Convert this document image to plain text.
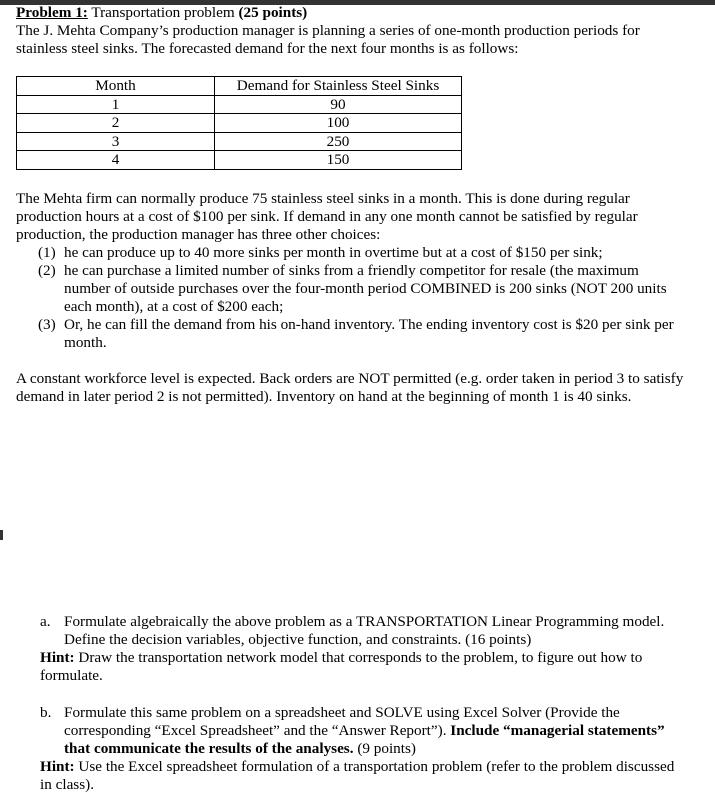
Problem 1: Transportation problem (25 points)

The J. Mehta Company’s production manager is planning a series of one-month production periods for stainless steel sinks. The forecasted demand for the next four months is as follows:

Month	Demand for Stainless Steel Sinks
1	90
2	100
3	250
4	150

The Mehta firm can normally produce 75 stainless steel sinks in a month. This is done during regular production hours at a cost of $100 per sink. If demand in any one month cannot be satisfied by regular production, the production manager has three other choices:

(1) he can produce up to 40 more sinks per month in overtime but at a cost of $150 per sink;
(2) he can purchase a limited number of sinks from a friendly competitor for resale (the maximum number of outside purchases over the four-month period COMBINED is 200 sinks (NOT 200 units each month), at a cost of $200 each;
(3) Or, he can fill the demand from his on-hand inventory. The ending inventory cost is $20 per sink per month.

A constant workforce level is expected. Back orders are NOT permitted (e.g. order taken in period 3 to satisfy demand in later period 2 is not permitted). Inventory on hand at the beginning of month 1 is 40 sinks.

a. Formulate algebraically the above problem as a TRANSPORTATION Linear Programming model. Define the decision variables, objective function, and constraints. (16 points)

Hint: Draw the transportation network model that corresponds to the problem, to figure out how to formulate.

b. Formulate this same problem on a spreadsheet and SOLVE using Excel Solver (Provide the corresponding “Excel Spreadsheet” and the “Answer Report”). Include “managerial statements” that communicate the results of the analyses. (9 points)

Hint: Use the Excel spreadsheet formulation of a transportation problem (refer to the problem discussed in class).
